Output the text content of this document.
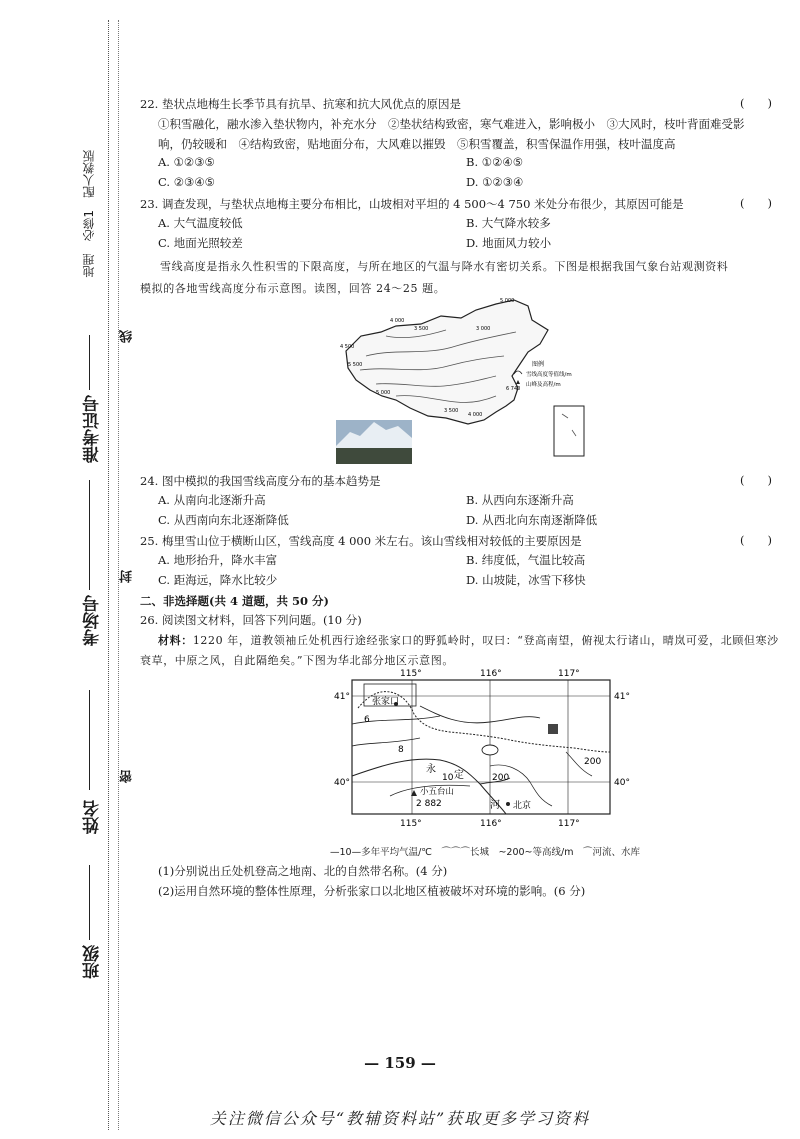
地理　必修1　配人教版
准考证号
考场号
姓名
班级
线
封
密
22. 垫状点地梅生长季节具有抗旱、抗寒和抗大风优点的原因是	(　　)
①积雪融化，融水渗入垫状物内，补充水分　②垫状结构致密，寒气难进入，影响极小　③大风时，枝叶背面难受影
响，仍较暖和　④结构致密，贴地面分布，大风难以摧毁　⑤积雪覆盖，积雪保温作用强，枝叶温度高
A. ①②③⑤	B. ①②④⑤
C. ②③④⑤	D. ①②③④
23. 调查发现，与垫状点地梅主要分布相比，山坡相对平坦的 4 500～4 750 米处分布很少，其原因可能是	(　　)
A. 大气温度较低	B. 大气降水较多
C. 地面光照较差	D. 地面风力较小
雪线高度是指永久性积雪的下限高度，与所在地区的气温与降水有密切关系。下图是根据我国气象台站观测资料
模拟的各地雪线高度分布示意图。读图，回答 24～25 题。
5 000
4 000
3 500	3 000
4 500
5 500
5 000
3 500
4 000
图例
雪线高度等值线/m
6 740
山峰及高程/m
24. 图中模拟的我国雪线高度分布的基本趋势是	(　　)
A. 从南向北逐渐升高	B. 从西向东逐渐升高
C. 从西南向东北逐渐降低	D. 从西北向东南逐渐降低
25. 梅里雪山位于横断山区，雪线高度 4 000 米左右。该山雪线相对较低的主要原因是	(　　)
A. 地形抬升，降水丰富	B. 纬度低，气温比较高
C. 距海远，降水比较少	D. 山坡陡，冰雪下移快
二、非选择题(共 4 道题，共 50 分)
26. 阅读图文材料，回答下列问题。(10 分)
材料：1220 年，道教领袖丘处机西行途经张家口的野狐岭时，叹曰：“登高南望，俯视太行诸山，晴岚可爱，北顾但寒沙
衰草，中原之风，自此隔绝矣。”下图为华北部分地区示意图。
115°	116°	117°
115°	116°	117°
41°
40°
41°
40°
6
8
10	200
200
张家口
永
定
小五台山
2 882	河 北京
—10—多年平均气温/℃　⌒⌒⌒长城　~200~等高线/m　⌒河流、水库
(1)分别说出丘处机登高之地南、北的自然带名称。(4 分)
(2)运用自然环境的整体性原理，分析张家口以北地区植被破坏对环境的影响。(6 分)
— 159 —
关注微信公众号“教辅资料站”获取更多学习资料
